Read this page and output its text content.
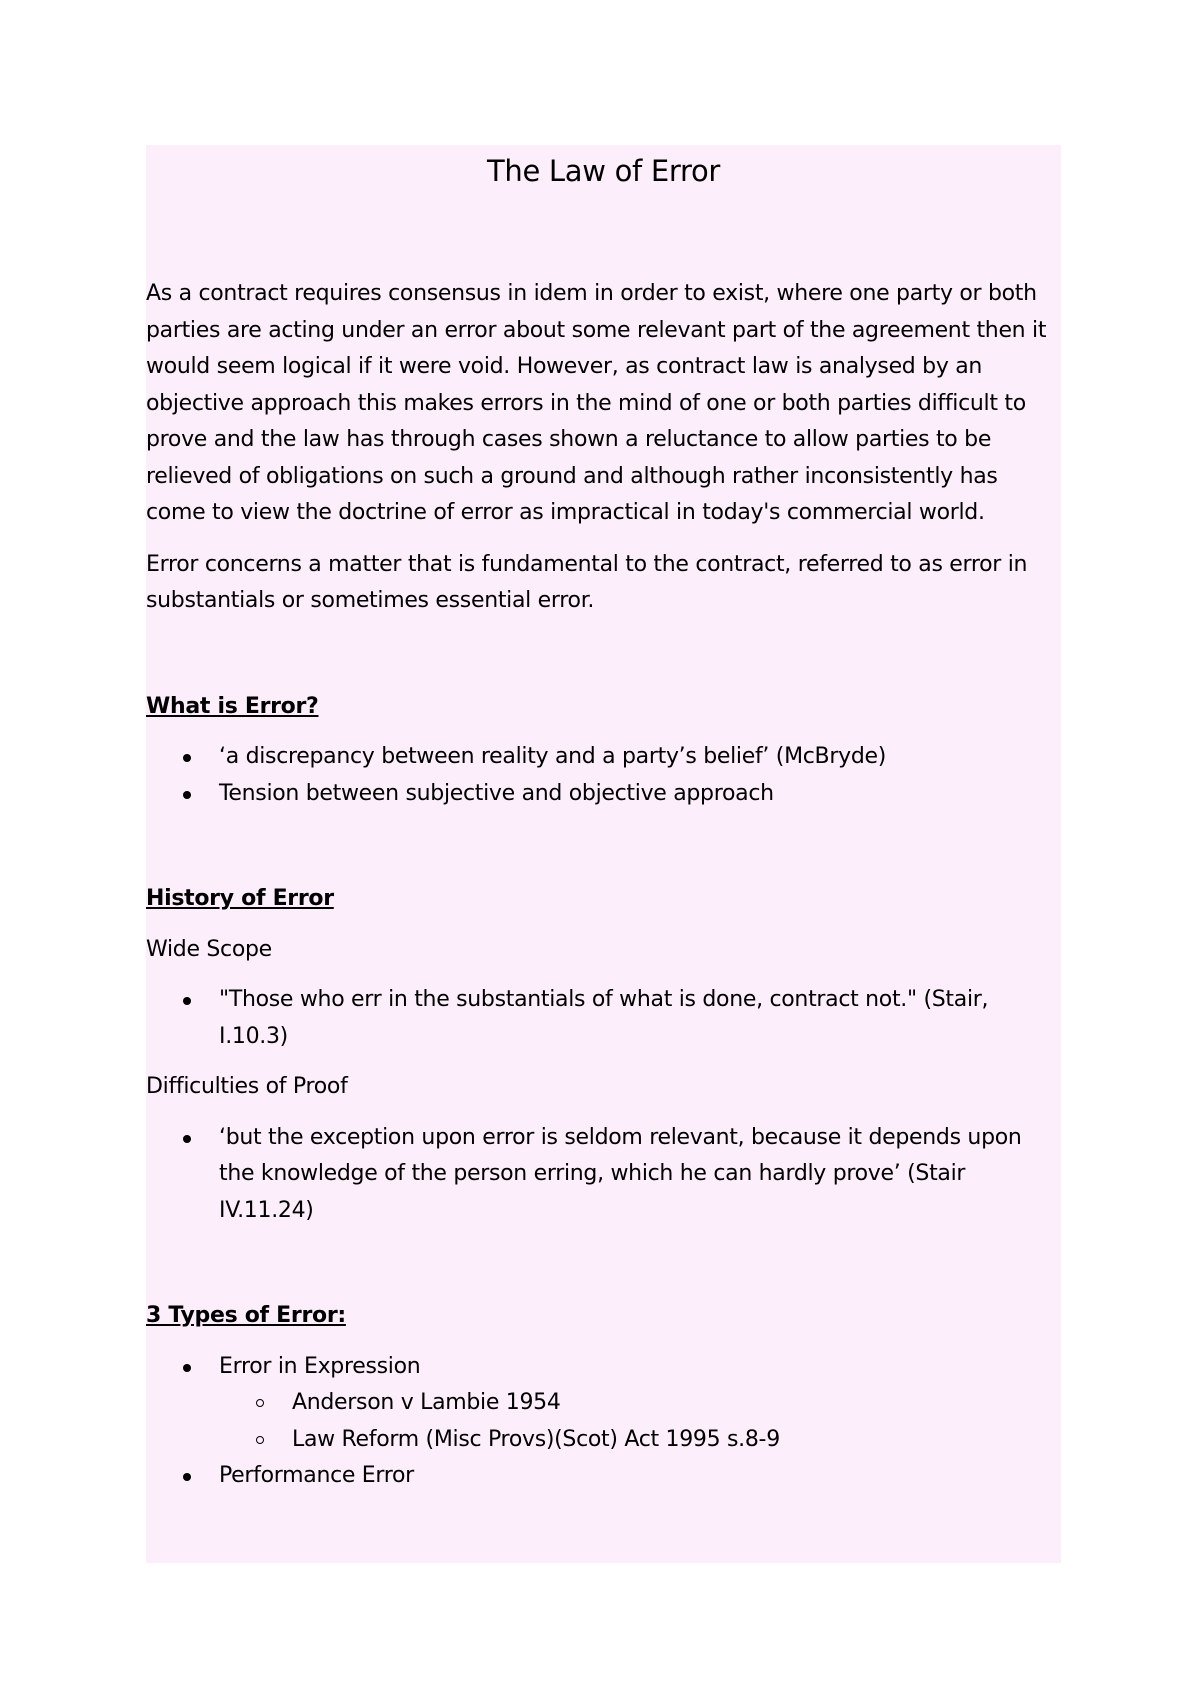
The Law of Error

As a contract requires consensus in idem in order to exist, where one party or both parties are acting under an error about some relevant part of the agreement then it would seem logical if it were void. However, as contract law is analysed by an objective approach this makes errors in the mind of one or both parties difficult to prove and the law has through cases shown a reluctance to allow parties to be relieved of obligations on such a ground and although rather inconsistently has come to view the doctrine of error as impractical in today's commercial world.

Error concerns a matter that is fundamental to the contract, referred to as error in substantials or sometimes essential error.

What is Error?

‘a discrepancy between reality and a party’s belief’ (McBryde)
Tension between subjective and objective approach

History of Error

Wide Scope

"Those who err in the substantials of what is done, contract not." (Stair, I.10.3)

Difficulties of Proof

‘but the exception upon error is seldom relevant, because it depends upon the knowledge of the person erring, which he can hardly prove’ (Stair IV.11.24)

3 Types of Error:

Error in Expression
Anderson v Lambie 1954
Law Reform (Misc Provs)(Scot) Act 1995 s.8-9
Performance Error
